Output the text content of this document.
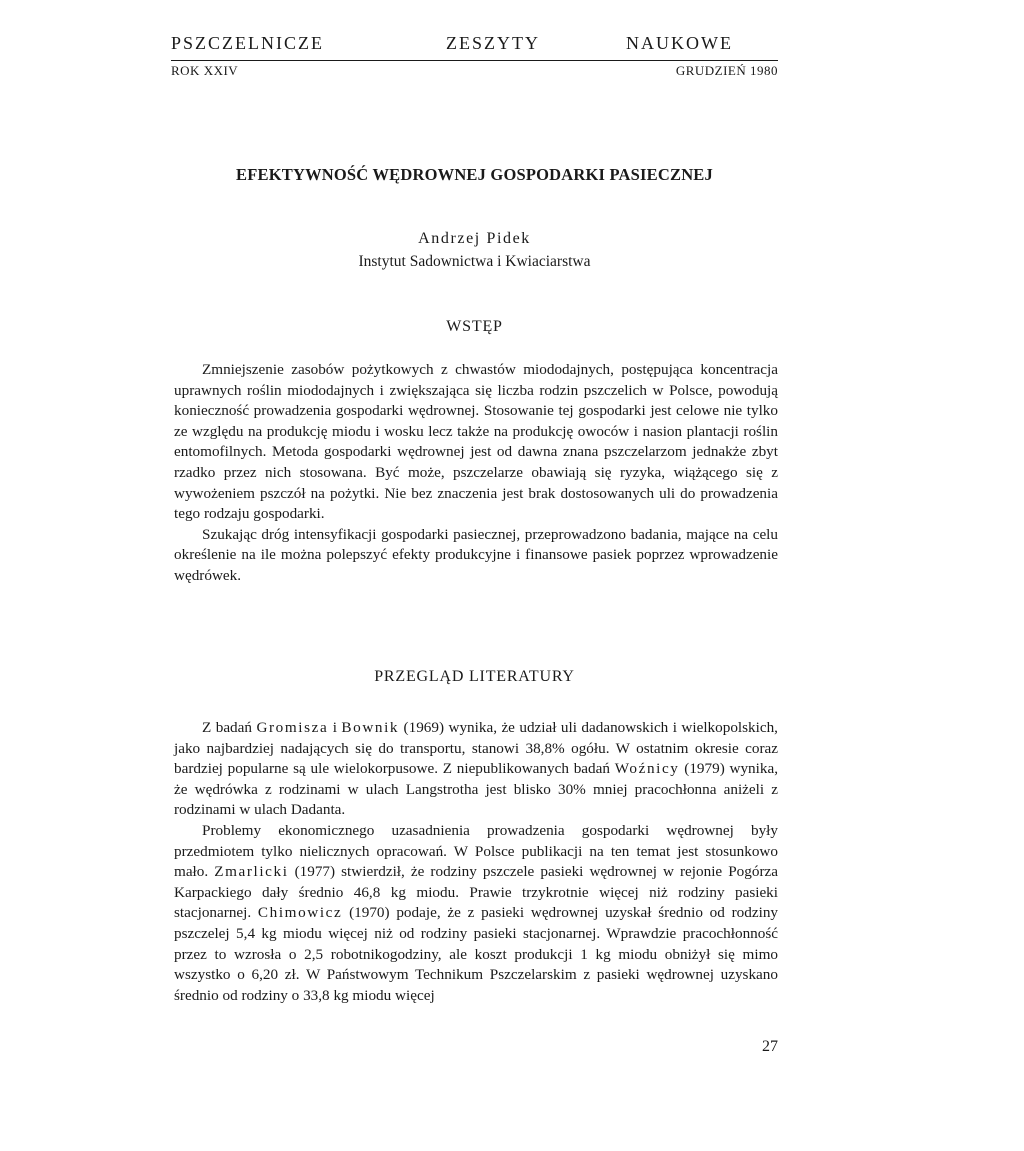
PSZCZELNICZE	ZESZYTY	NAUKOWE
ROK XXIV	GRUDZIEŃ 1980
EFEKTYWNOŚĆ WĘDROWNEJ GOSPODARKI PASIECZNEJ
Andrzej Pidek
Instytut Sadownictwa i Kwiaciarstwa
WSTĘP

Zmniejszenie zasobów pożytkowych z chwastów miododajnych, postępująca koncentracja uprawnych roślin miododajnych i zwiększająca się liczba rodzin pszczelich w Polsce, powodują konieczność prowadzenia gospodarki wędrownej. Stosowanie tej gospodarki jest celowe nie tylko ze względu na produkcję miodu i wosku lecz także na produkcję owoców i nasion plantacji roślin entomofilnych. Metoda gospodarki wędrownej jest od dawna znana pszczelarzom jednakże zbyt rzadko przez nich stosowana. Być może, pszczelarze obawiają się ryzyka, wiążącego się z wywożeniem pszczół na pożytki. Nie bez znaczenia jest brak dostosowanych uli do prowadzenia tego rodzaju gospodarki.

Szukając dróg intensyfikacji gospodarki pasiecznej, przeprowadzono badania, mające na celu określenie na ile można polepszyć efekty produkcyjne i finansowe pasiek poprzez wprowadzenie wędrówek.

PRZEGLĄD LITERATURY

Z badań Gromisza i Bownik (1969) wynika, że udział uli dadanowskich i wielkopolskich, jako najbardziej nadających się do transportu, stanowi 38,8% ogółu. W ostatnim okresie coraz bardziej popularne są ule wielokorpusowe. Z niepublikowanych badań Woźnicy (1979) wynika, że wędrówka z rodzinami w ulach Langstrotha jest blisko 30% mniej pracochłonna aniżeli z rodzinami w ulach Dadanta.

Problemy ekonomicznego uzasadnienia prowadzenia gospodarki wędrownej były przedmiotem tylko nielicznych opracowań. W Polsce publikacji na ten temat jest stosunkowo mało. Zmarlicki (1977) stwierdził, że rodziny pszczele pasieki wędrownej w rejonie Pogórza Karpackiego dały średnio 46,8 kg miodu. Prawie trzykrotnie więcej niż rodziny pasieki stacjonarnej. Chimowicz (1970) podaje, że z pasieki wędrownej uzyskał średnio od rodziny pszczelej 5,4 kg miodu więcej niż od rodziny pasieki stacjonarnej. Wprawdzie pracochłonność przez to wzrosła o 2,5 robotnikogodziny, ale koszt produkcji 1 kg miodu obniżył się mimo wszystko o 6,20 zł. W Państwowym Technikum Pszczelarskim z pasieki wędrownej uzyskano średnio od rodziny o 33,8 kg miodu więcej

27
